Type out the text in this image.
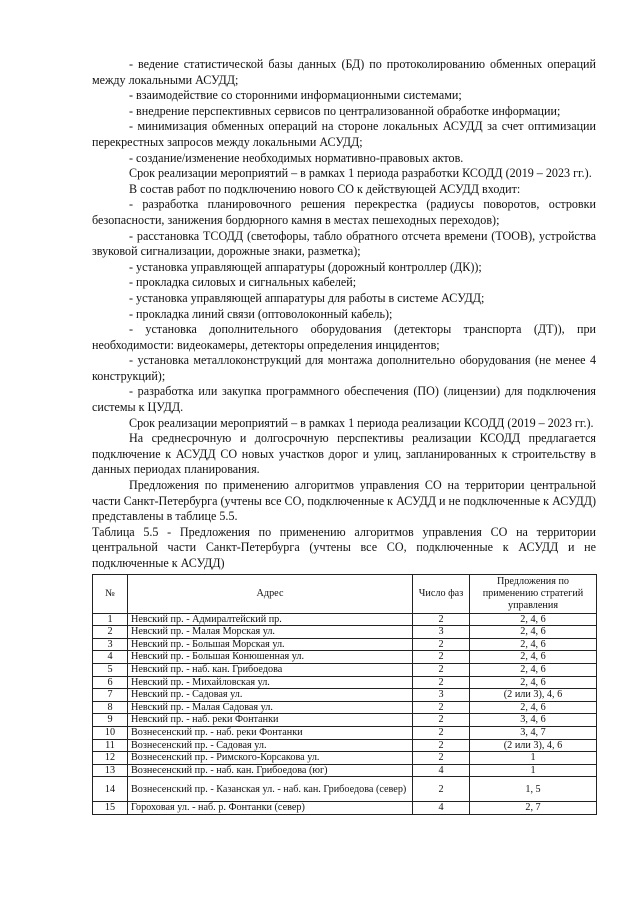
- ведение статистической базы данных (БД) по протоколированию обменных операций между локальными АСУДД;

- взаимодействие со сторонними информационными системами;

- внедрение перспективных сервисов по централизованной обработке информации;

- минимизация обменных операций на стороне локальных АСУДД за счет оптимизации перекрестных запросов между локальными АСУДД;

- создание/изменение необходимых нормативно-правовых актов.

Срок реализации мероприятий – в рамках 1 периода разработки КСОДД (2019 – 2023 гг.).

В состав работ по подключению нового СО к действующей АСУДД входит:

- разработка планировочного решения перекрестка (радиусы поворотов, островки безопасности, занижения бордюрного камня в местах пешеходных переходов);

- расстановка ТСОДД (светофоры, табло обратного отсчета времени (ТООВ), устройства звуковой сигнализации, дорожные знаки, разметка);

- установка управляющей аппаратуры (дорожный контроллер (ДК));

- прокладка силовых и сигнальных кабелей;

- установка управляющей аппаратуры для работы в системе АСУДД;

- прокладка линий связи (оптоволоконный кабель);

- установка дополнительного оборудования (детекторы транспорта (ДТ)), при необходимости: видеокамеры, детекторы определения инцидентов;

- установка металлоконструкций для монтажа дополнительно оборудования (не менее 4 конструкций);

- разработка или закупка программного обеспечения (ПО) (лицензии) для подключения системы к ЦУДД.

Срок реализации мероприятий – в рамках 1 периода реализации КСОДД (2019 – 2023 гг.).

На среднесрочную и долгосрочную перспективы реализации КСОДД предлагается подключение к АСУДД СО новых участков дорог и улиц, запланированных к строительству в данных периодах планирования.

Предложения по применению алгоритмов управления СО на территории центральной части Санкт-Петербурга (учтены все СО, подключенные к АСУДД и не подключенные к АСУДД) представлены в таблице 5.5.

Таблица 5.5 - Предложения по применению алгоритмов управления СО на территории центральной части Санкт-Петербурга (учтены все СО, подключенные к АСУДД и не подключенные к АСУДД)

№	Адрес	Число фаз	Предложения по применению стратегий управления
1	Невский пр. - Адмиралтейский пр.	2	2, 4, 6
2	Невский пр. - Малая Морская ул.	3	2, 4, 6
3	Невский пр. - Большая Морская ул.	2	2, 4, 6
4	Невский пр. - Большая Конюшенная ул.	2	2, 4, 6
5	Невский пр. - наб. кан. Грибоедова	2	2, 4, 6
6	Невский пр. - Михайловская ул.	2	2, 4, 6
7	Невский пр. - Садовая ул.	3	(2 или 3), 4, 6
8	Невский пр. - Малая Садовая ул.	2	2, 4, 6
9	Невский пр. - наб. реки Фонтанки	2	3, 4, 6
10	Вознесенский пр. - наб. реки Фонтанки	2	3, 4, 7
11	Вознесенский пр. - Садовая ул.	2	(2 или 3), 4, 6
12	Вознесенский пр. - Римского-Корсакова ул.	2	1
13	Вознесенский пр. - наб. кан. Грибоедова (юг)	4	1
14	Вознесенский пр. - Казанская ул. - наб. кан. Грибоедова (север)	2	1, 5
15	Гороховая ул. - наб. р. Фонтанки (север)	4	2, 7
